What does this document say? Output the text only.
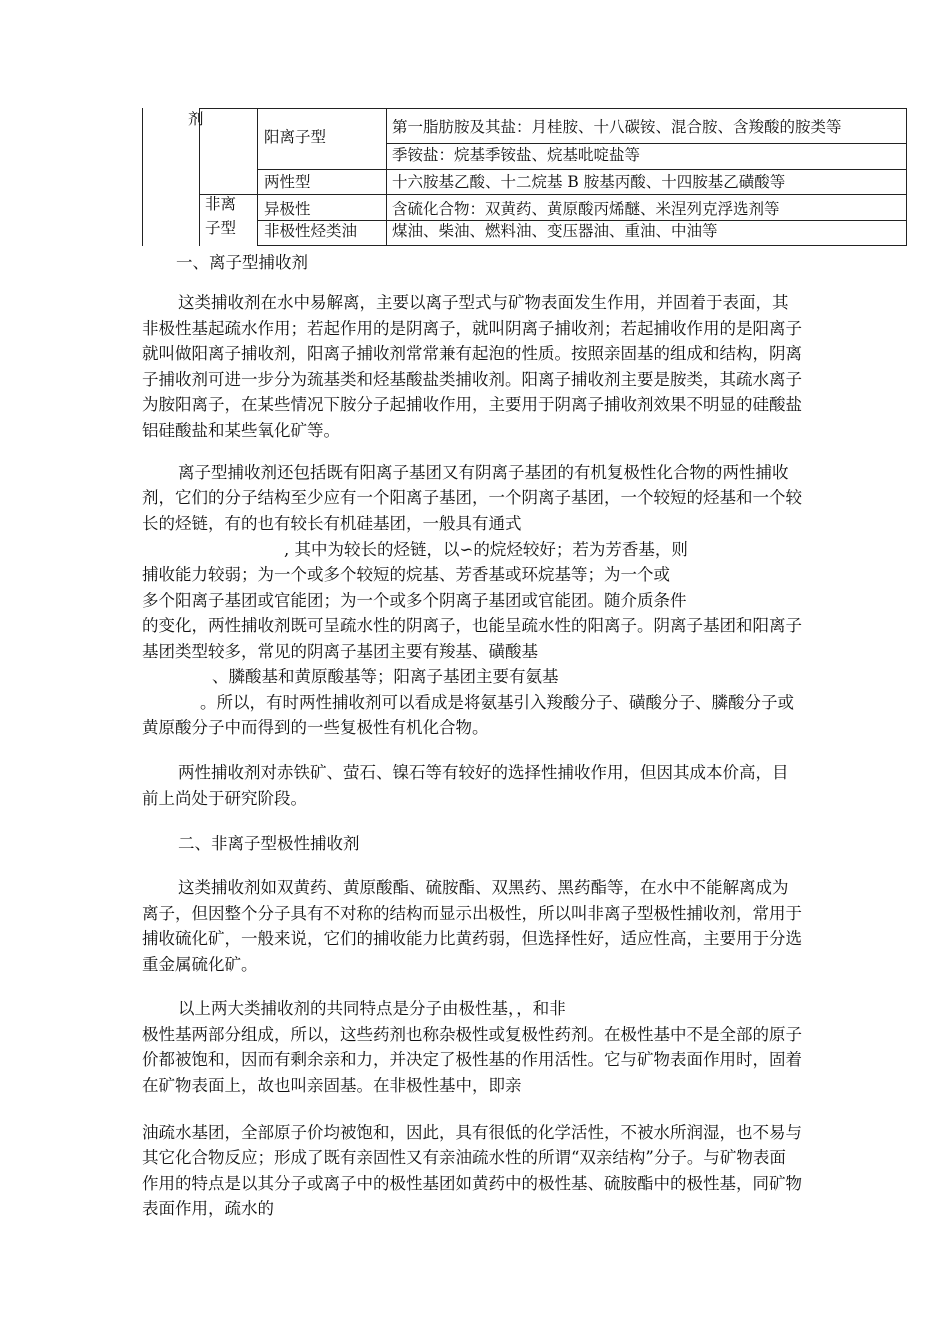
剂
非离
子型
阳离子型
第一脂肪胺及其盐：月桂胺、十八碳铵、混合胺、含羧酸的胺类等
季铵盐：烷基季铵盐、烷基吡啶盐等
两性型	十六胺基乙酸、十二烷基 B 胺基丙酸、十四胺基乙磺酸等
异极性	含硫化合物：双黄药、黄原酸丙烯醚、米涅列克浮选剂等
非极性烃类油 煤油、柴油、燃料油、变压器油、重油、中油等
一、离子型捕收剂
这类捕收剂在水中易解离，主要以离子型式与矿物表面发生作用，并固着于表面，其
非极性基起疏水作用；若起作用的是阴离子，就叫阴离子捕收剂；若起捕收作用的是阳离子
就叫做阳离子捕收剂，阳离子捕收剂常常兼有起泡的性质。按照亲固基的组成和结构，阴离
子捕收剂可进一步分为巯基类和烃基酸盐类捕收剂。阳离子捕收剂主要是胺类，其疏水离子
为胺阳离子，在某些情况下胺分子起捕收作用，主要用于阴离子捕收剂效果不明显的硅酸盐
铝硅酸盐和某些氧化矿等。
离子型捕收剂还包括既有阳离子基团又有阴离子基团的有机复极性化合物的两性捕收
剂，它们的分子结构至少应有一个阳离子基团，一个阴离子基团，一个较短的烃基和一个较
长的烃链，有的也有较长有机硅基团，一般具有通式
, 其中为较长的烃链，以∽的烷烃较好；若为芳香基，则
捕收能力较弱；为一个或多个较短的烷基、芳香基或环烷基等；为一个或
多个阳离子基团或官能团；为一个或多个阴离子基团或官能团。随介质条件
的变化，两性捕收剂既可呈疏水性的阴离子，也能呈疏水性的阳离子。阴离子基团和阳离子
基团类型较多，常见的阴离子基团主要有羧基、磺酸基
、膦酸基和黄原酸基等；阳离子基团主要有氨基
。所以，有时两性捕收剂可以看成是将氨基引入羧酸分子、磺酸分子、膦酸分子或
黄原酸分子中而得到的一些复极性有机化合物。
两性捕收剂对赤铁矿、萤石、镍石等有较好的选择性捕收作用，但因其成本价高，目
前上尚处于研究阶段。
二、非离子型极性捕收剂
这类捕收剂如双黄药、黄原酸酯、硫胺酯、双黑药、黑药酯等，在水中不能解离成为
离子，但因整个分子具有不对称的结构而显示出极性，所以叫非离子型极性捕收剂，常用于
捕收硫化矿，一般来说，它们的捕收能力比黄药弱，但选择性好，适应性高，主要用于分选
重金属硫化矿。
以上两大类捕收剂的共同特点是分子由极性基，，和非
极性基两部分组成，所以，这些药剂也称杂极性或复极性药剂。在极性基中不是全部的原子
价都被饱和，因而有剩余亲和力，并决定了极性基的作用活性。它与矿物表面作用时，固着
在矿物表面上，故也叫亲固基。在非极性基中，即亲
油疏水基团，全部原子价均被饱和，因此，具有很低的化学活性，不被水所润湿，也不易与
其它化合物反应；形成了既有亲固性又有亲油疏水性的所谓“双亲结构”分子。与矿物表面
作用的特点是以其分子或离子中的极性基团如黄药中的极性基、硫胺酯中的极性基，同矿物
表面作用，疏水的
